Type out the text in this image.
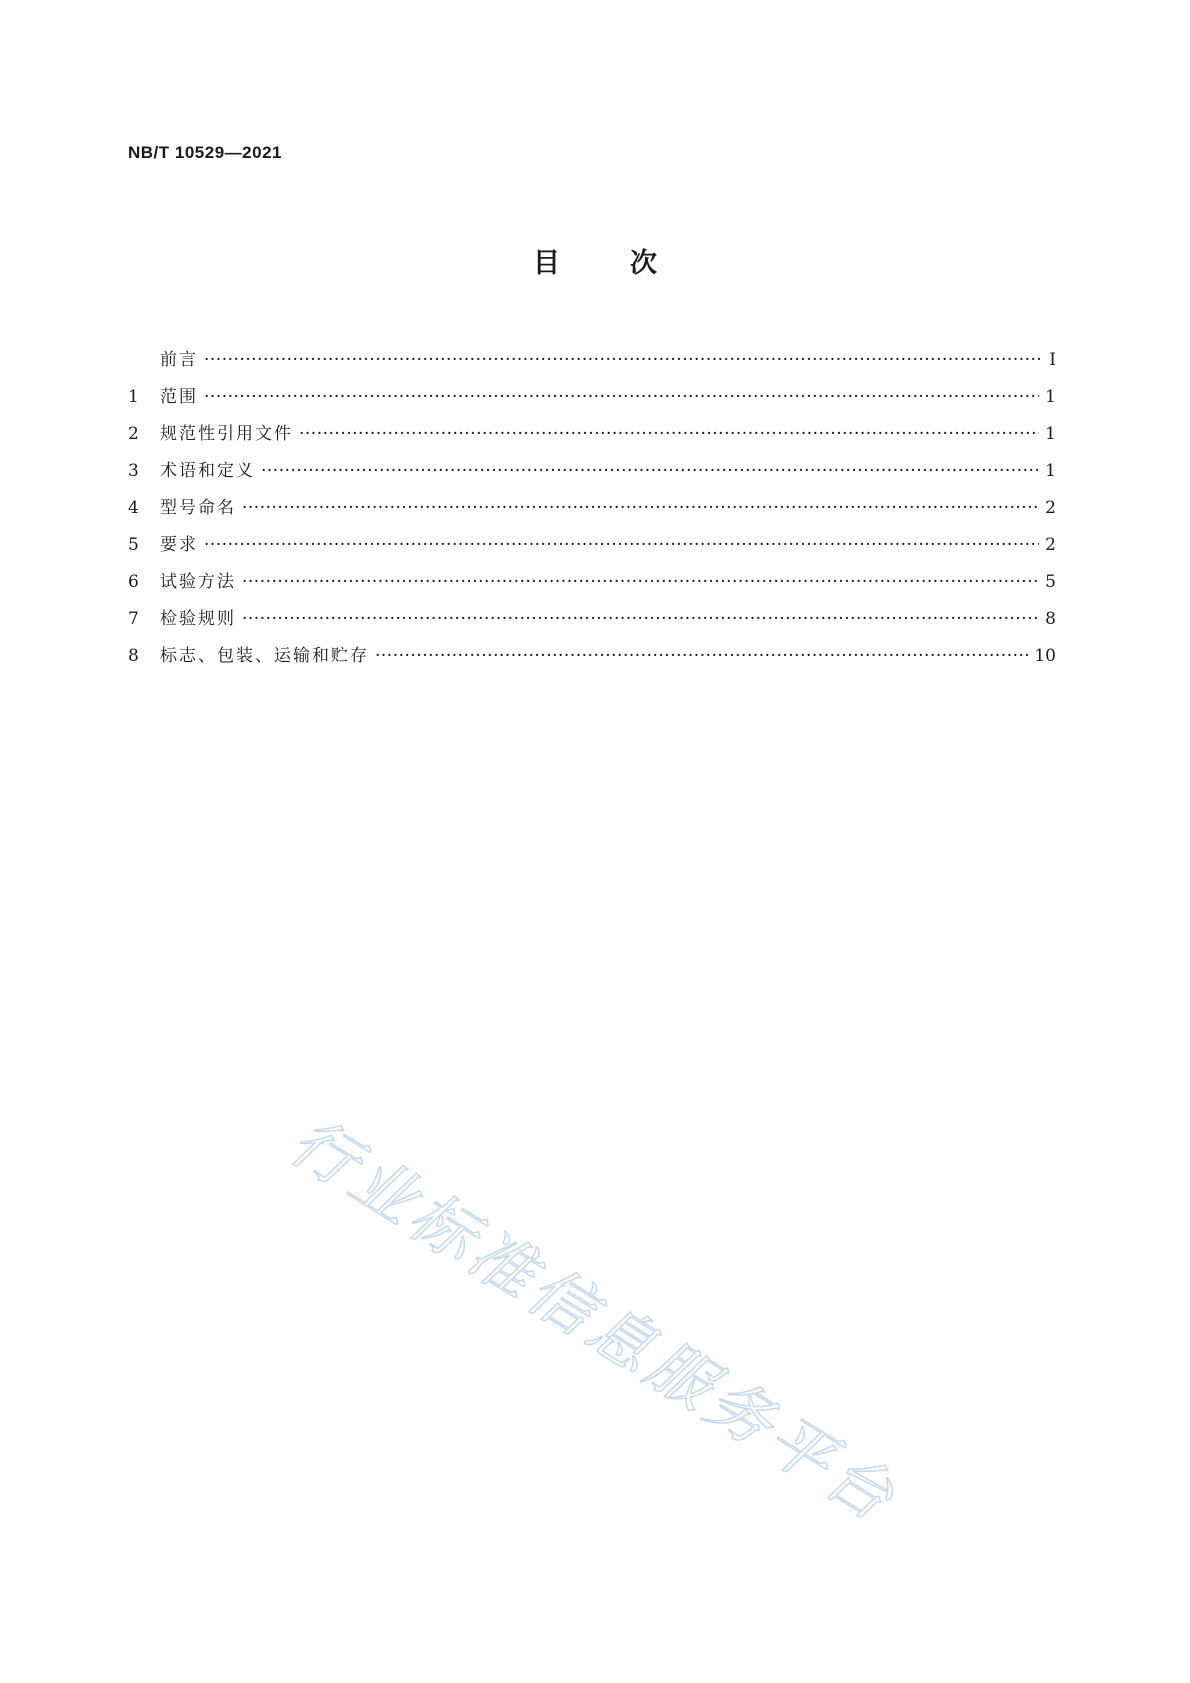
NB/T 10529—2021
目	次
前言 ·····	Ⅰ
1	范围 ·····	1
2	规范性引用文件 ·····	1
3	术语和定义 ·····	1
4	型号命名 ·····	2
5	要求 ·····	2
6	试验方法 ·····	5
7	检验规则 ·····	8
8	标志、包装、运输和贮存 ·····	10
行业标准信息服务平台
